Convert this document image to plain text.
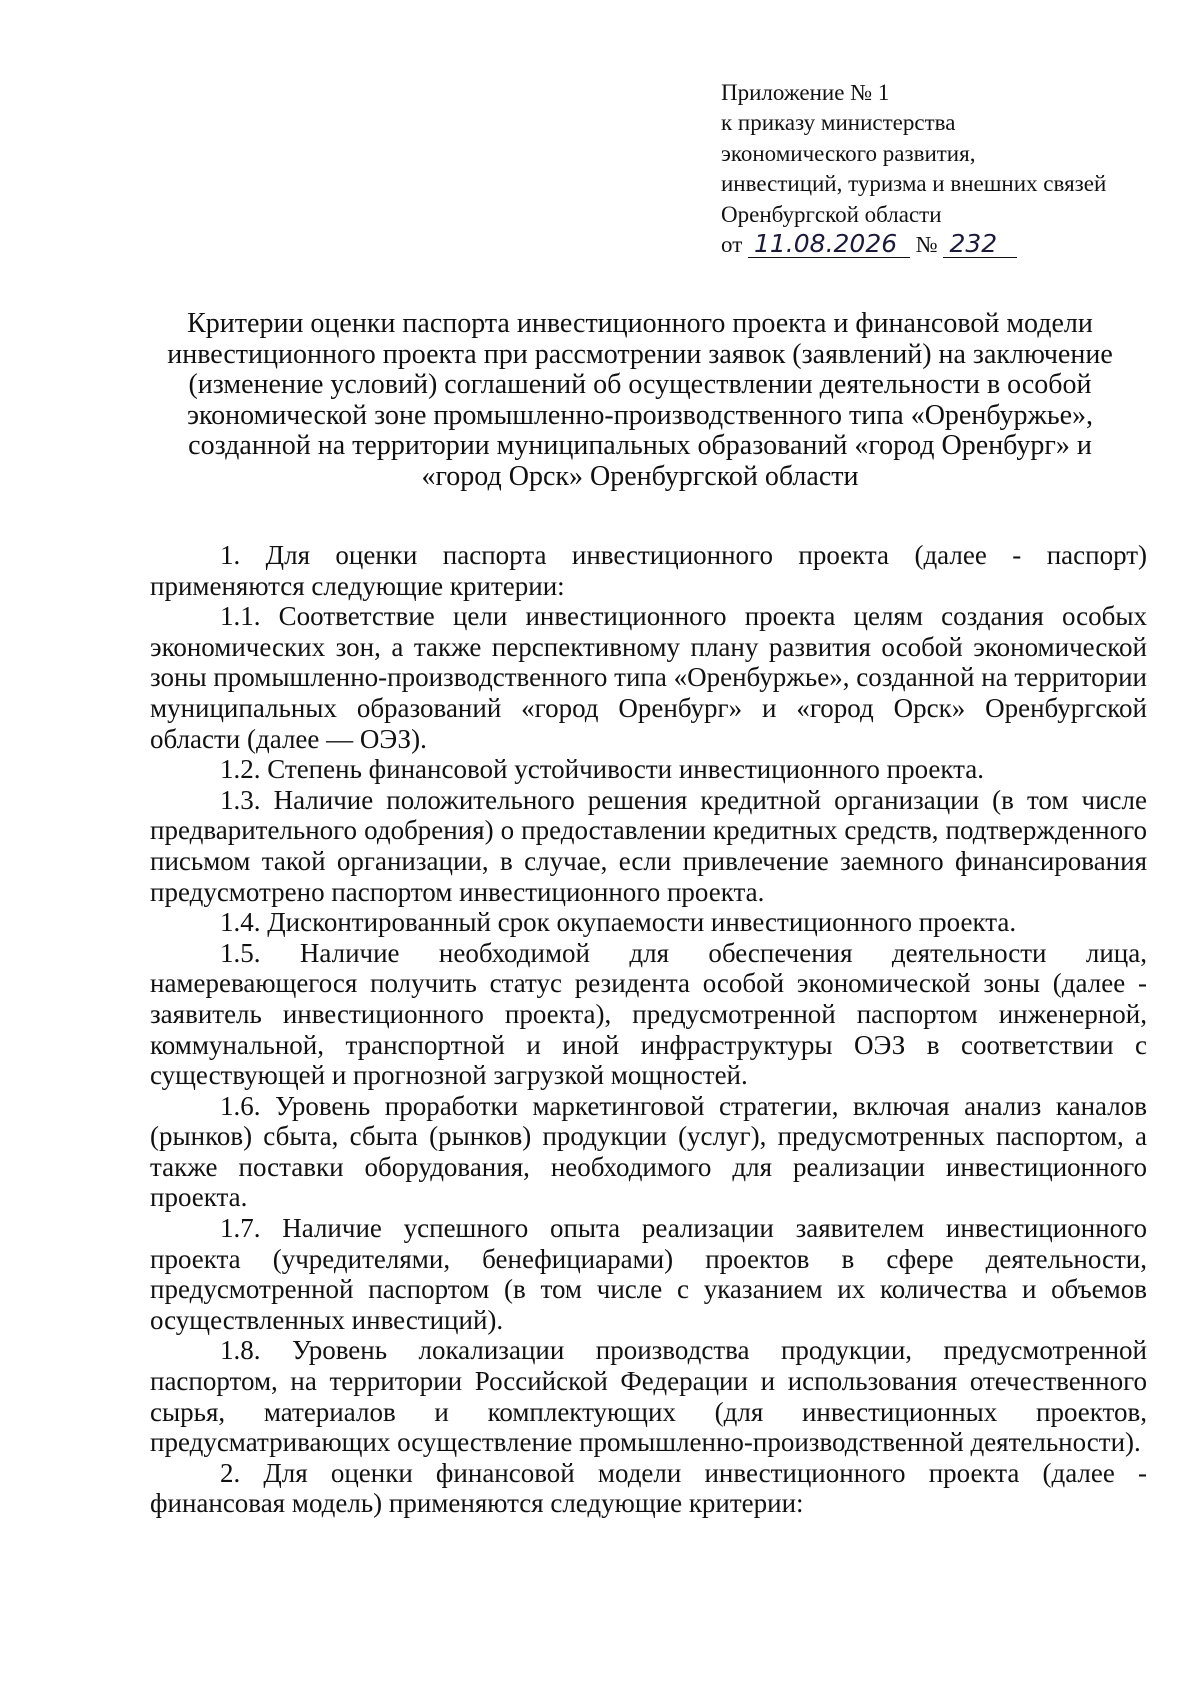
Приложение № 1
к приказу министерства
экономического развития,
инвестиций, туризма и внешних связей
Оренбургской области
от 11.08.2026 № 232
Критерии оценки паспорта инвестиционного проекта и финансовой модели
инвестиционного проекта при рассмотрении заявок (заявлений) на заключение
(изменение условий) соглашений об осуществлении деятельности в особой
экономической зоне промышленно-производственного типа «Оренбуржье»,
созданной на территории муниципальных образований «город Оренбург» и
«город Орск» Оренбургской области

1. Для оценки паспорта инвестиционного проекта (далее - паспорт) применяются следующие критерии:

1.1. Соответствие цели инвестиционного проекта целям создания особых экономических зон, а также перспективному плану развития особой экономической зоны промышленно-производственного типа «Оренбуржье», созданной на территории муниципальных образований «город Оренбург» и «город Орск» Оренбургской области (далее — ОЭЗ).

1.2. Степень финансовой устойчивости инвестиционного проекта.

1.3. Наличие положительного решения кредитной организации (в том числе предварительного одобрения) о предоставлении кредитных средств, подтвержденного письмом такой организации, в случае, если привлечение заемного финансирования предусмотрено паспортом инвестиционного проекта.

1.4. Дисконтированный срок окупаемости инвестиционного проекта.

1.5. Наличие необходимой для обеспечения деятельности лица, намеревающегося получить статус резидента особой экономической зоны (далее - заявитель инвестиционного проекта), предусмотренной паспортом инженерной, коммунальной, транспортной и иной инфраструктуры ОЭЗ в соответствии с существующей и прогнозной загрузкой мощностей.

1.6. Уровень проработки маркетинговой стратегии, включая анализ каналов (рынков) сбыта, сбыта (рынков) продукции (услуг), предусмотренных паспортом, а также поставки оборудования, необходимого для реализации инвестиционного проекта.

1.7. Наличие успешного опыта реализации заявителем инвестиционного проекта (учредителями, бенефициарами) проектов в сфере деятельности, предусмотренной паспортом (в том числе с указанием их количества и объемов осуществленных инвестиций).

1.8. Уровень локализации производства продукции, предусмотренной паспортом, на территории Российской Федерации и использования отечественного сырья, материалов и комплектующих (для инвестиционных проектов, предусматривающих осуществление промышленно-производственной деятельности).

2. Для оценки финансовой модели инвестиционного проекта (далее - финансовая модель) применяются следующие критерии:
